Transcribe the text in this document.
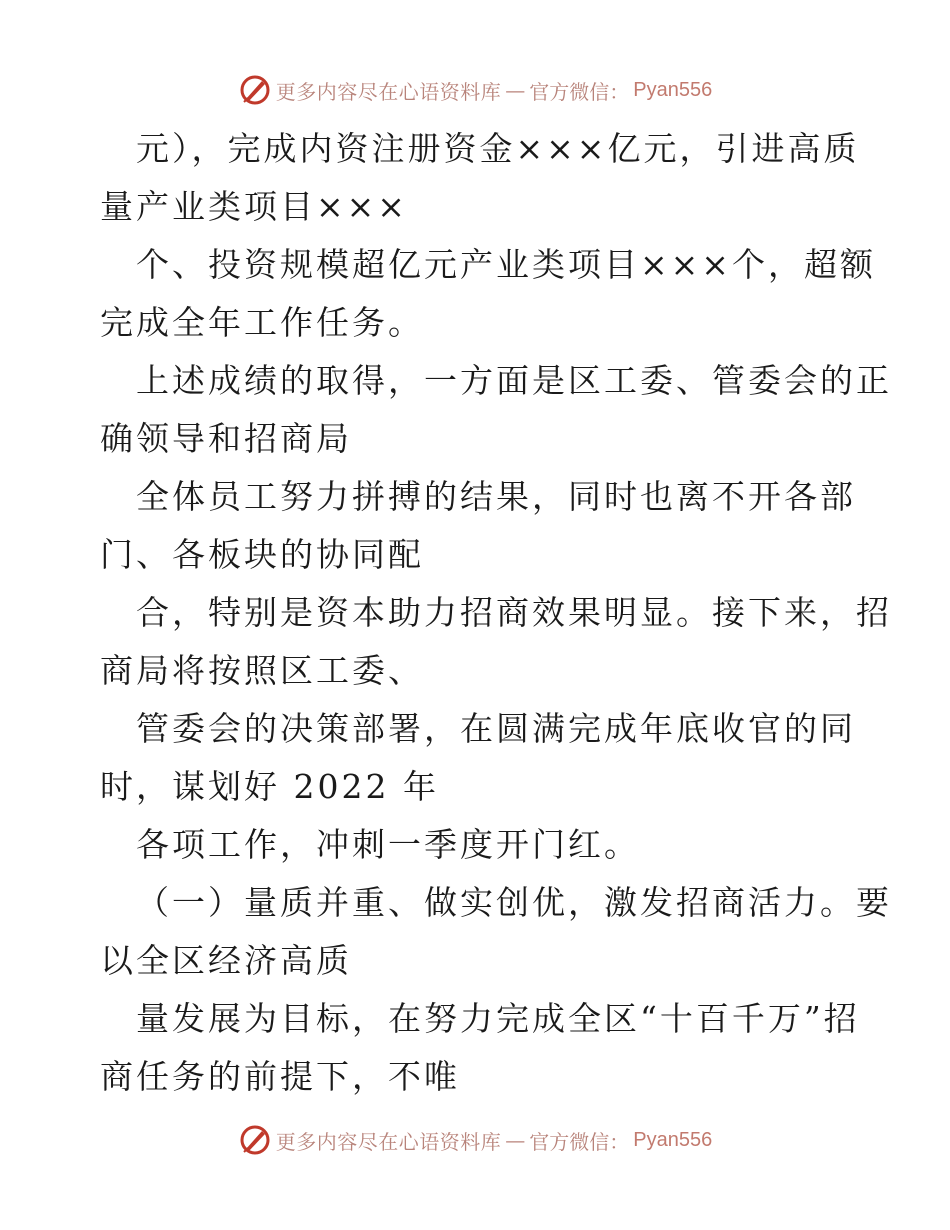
更多内容尽在心语资料库 — 官方微信： Pyan556
元），完成内资注册资金×××亿元，引进高质
量产业类项目×××
个、投资规模超亿元产业类项目×××个，超额
完成全年工作任务。
上述成绩的取得，一方面是区工委、管委会的正
确领导和招商局
全体员工努力拼搏的结果，同时也离不开各部
门、各板块的协同配
合，特别是资本助力招商效果明显。接下来，招
商局将按照区工委、
管委会的决策部署，在圆满完成年底收官的同
时，谋划好 2022 年
各项工作，冲刺一季度开门红。
（一）量质并重、做实创优，激发招商活力。要
以全区经济高质
量发展为目标，在努力完成全区“十百千万”招
商任务的前提下，不唯
更多内容尽在心语资料库 — 官方微信： Pyan556
